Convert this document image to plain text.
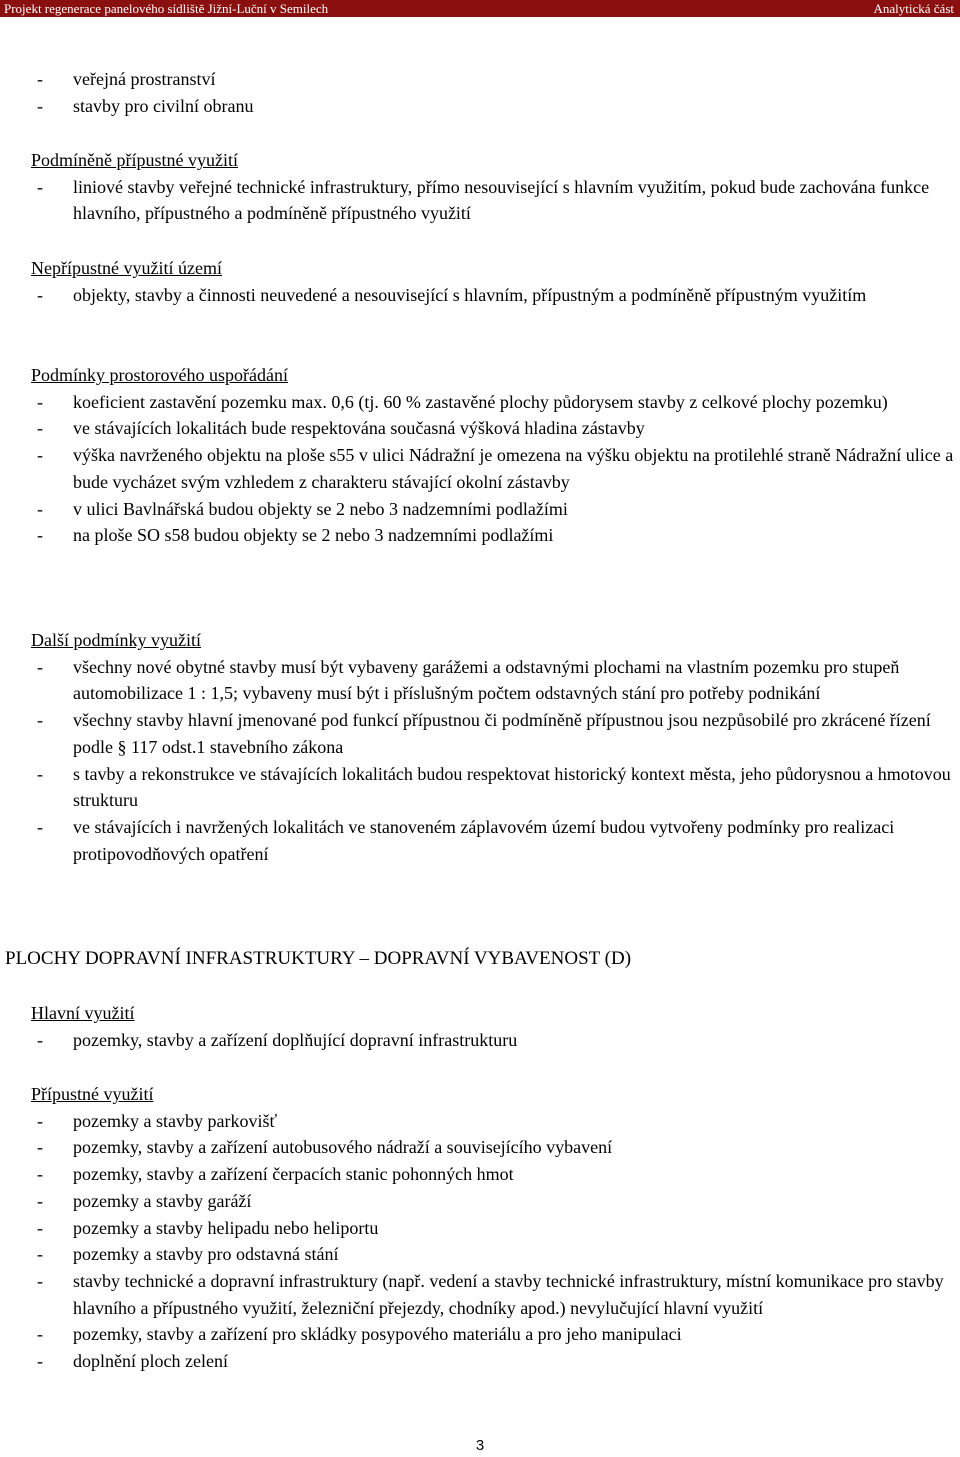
Projekt regenerace panelového sídliště Jižní-Luční v Semilech	Analytická část
- veřejná prostranství
- stavby pro civilní obranu
Podmíněně přípustné využití
- liniové stavby veřejné technické infrastruktury, přímo nesouvisející s hlavním využitím, pokud bude zachována funkce hlavního, přípustného a podmíněně přípustného využití
Nepřípustné využití území
- objekty, stavby a činnosti neuvedené a nesouvisející s hlavním, přípustným a podmíněně přípustným využitím
Podmínky prostorového uspořádání
- koeficient zastavění pozemku max. 0,6 (tj. 60 % zastavěné plochy půdorysem stavby z celkové plochy pozemku)
- ve stávajících lokalitách bude respektována současná výšková hladina zástavby
- výška navrženého objektu na ploše s55 v ulici Nádražní je omezena na výšku objektu na protilehlé straně Nádražní ulice a bude vycházet svým vzhledem z charakteru stávající okolní zástavby
- v ulici Bavlnářská budou objekty se 2 nebo 3 nadzemními podlažími
- na ploše SO s58 budou objekty se 2 nebo 3 nadzemními podlažími
Další podmínky využití
- všechny nové obytné stavby musí být vybaveny garážemi a odstavnými plochami na vlastním pozemku pro stupeň automobilizace 1 : 1,5; vybaveny musí být i příslušným počtem odstavných stání pro potřeby podnikání
- všechny stavby hlavní jmenované pod funkcí přípustnou či podmíněně přípustnou jsou nezpůsobilé pro zkrácené řízení podle § 117 odst.1 stavebního zákona
- s tavby a rekonstrukce ve stávajících lokalitách budou respektovat historický kontext města, jeho půdorysnou a hmotovou strukturu
- ve stávajících i navržených lokalitách ve stanoveném záplavovém území budou vytvořeny podmínky pro realizaci protipovodňových opatření
PLOCHY DOPRAVNÍ INFRASTRUKTURY – DOPRAVNÍ VYBAVENOST (D)
Hlavní využití
- pozemky, stavby a zařízení doplňující dopravní infrastrukturu
Přípustné využití
- pozemky a stavby parkovišť
- pozemky, stavby a zařízení autobusového nádraží a souvisejícího vybavení
- pozemky, stavby a zařízení čerpacích stanic pohonných hmot
- pozemky a stavby garáží
- pozemky a stavby helipadu nebo heliportu
- pozemky a stavby pro odstavná stání
- stavby technické a dopravní infrastruktury (např. vedení a stavby technické infrastruktury, místní komunikace pro stavby hlavního a přípustného využití, železniční přejezdy, chodníky apod.) nevylučující hlavní využití
- pozemky, stavby a zařízení pro skládky posypového materiálu a pro jeho manipulaci
- doplnění ploch zelení
3
